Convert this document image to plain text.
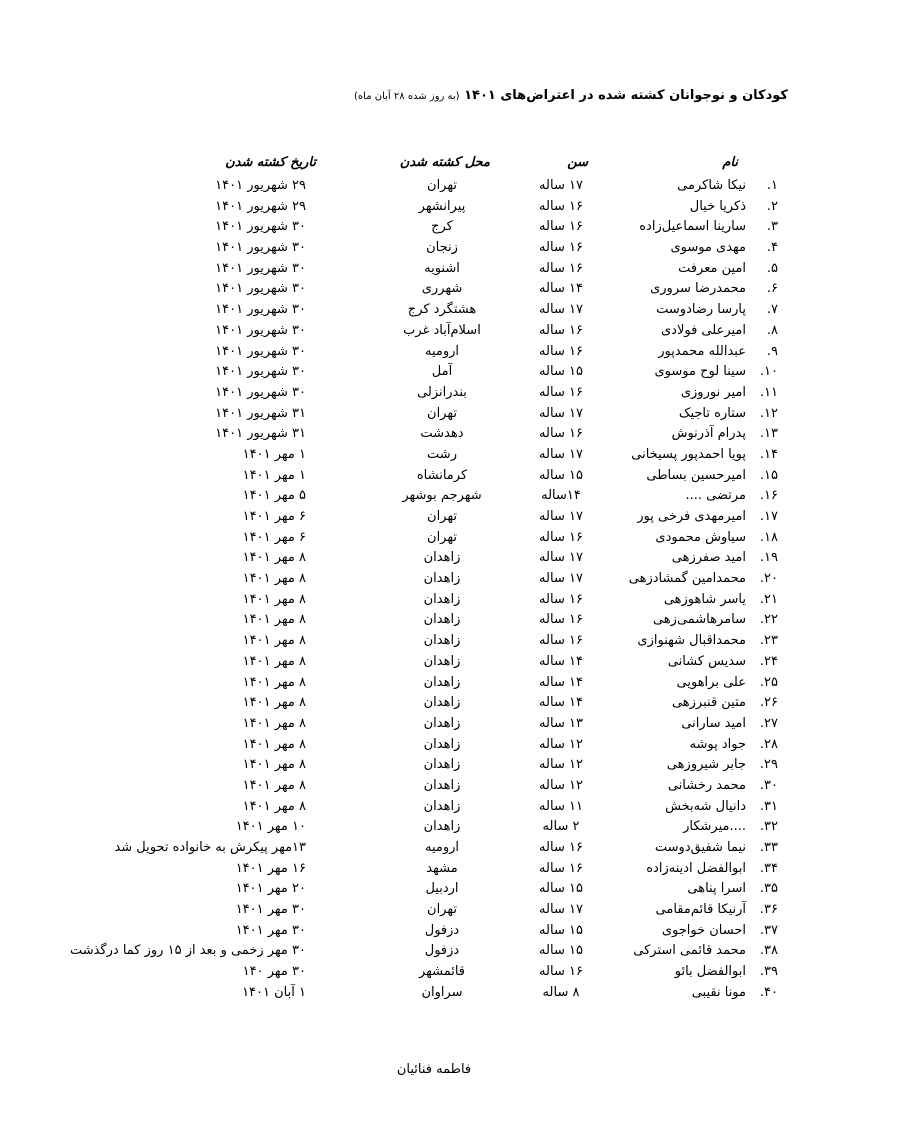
کودکان و نوجوانان کشته شده در اعتراض‌های ۱۴۰۱ (به روز شده ۲۸ آبان ماه)
نام
سن
محل کشته شدن
تاریخ کشته شدن
۱.
نیکا شاکرمی
۱۷ ساله
تهران
۲۹ شهریور ۱۴۰۱
۲.
ذکریا خیال
۱۶ ساله
پیرانشهر
۲۹ شهریور ۱۴۰۱
۳.
سارینا اسماعیل‌زاده
۱۶ ساله
کرج
۳۰ شهریور ۱۴۰۱
۴.
مهدی موسوی
۱۶ ساله
زنجان
۳۰ شهریور ۱۴۰۱
۵.
امین معرفت
۱۶ ساله
اشنویه
۳۰ شهریور ۱۴۰۱
۶.
محمدرضا سروری
۱۴ ساله
شهرری
۳۰ شهریور ۱۴۰۱
۷.
پارسا رضادوست
۱۷ ساله
هشتگرد کرج
۳۰ شهریور ۱۴۰۱
۸.
امیرعلی فولادی
۱۶ ساله
اسلام‌آباد غرب
۳۰ شهریور ۱۴۰۱
۹.
عبدالله محمدپور
۱۶ ساله
ارومیه
۳۰ شهریور ۱۴۰۱
۱۰.
سینا لوح موسوی
۱۵ ساله
آمل
۳۰ شهریور ۱۴۰۱
۱۱.
امیر نوروزی
۱۶ ساله
بندرانزلی
۳۰ شهریور ۱۴۰۱
۱۲.
ستاره تاجیک
۱۷ ساله
تهران
۳۱ شهریور ۱۴۰۱
۱۳.
پدرام آذرنوش
۱۶ ساله
دهدشت
۳۱ شهریور ۱۴۰۱
۱۴.
پویا احمدپور پسیخانی
۱۷ ساله
رشت
۱ مهر ۱۴۰۱
۱۵.
امیرحسین بساطی
۱۵ ساله
کرمانشاه
۱ مهر ۱۴۰۱
۱۶.
مرتضی ....
۱۴ساله
شهرجم بوشهر
۵ مهر ۱۴۰۱
۱۷.
امیرمهدی فرخی پور
۱۷ ساله
تهران
۶ مهر ۱۴۰۱
۱۸.
سیاوش محمودی
۱۶ ساله
تهران
۶ مهر ۱۴۰۱
۱۹.
امید صفرزهی
۱۷ ساله
زاهدان
۸ مهر ۱۴۰۱
۲۰.
محمدامین گمشادزهی
۱۷ ساله
زاهدان
۸ مهر ۱۴۰۱
۲۱.
یاسر شاهوزهی
۱۶ ساله
زاهدان
۸ مهر ۱۴۰۱
۲۲.
سامرهاشمی‌زهی
۱۶ ساله
زاهدان
۸ مهر ۱۴۰۱
۲۳.
محمداقبال شهنوازی
۱۶ ساله
زاهدان
۸ مهر ۱۴۰۱
۲۴.
سدیس کشانی
۱۴ ساله
زاهدان
۸ مهر ۱۴۰۱
۲۵.
علی براهویی
۱۴ ساله
زاهدان
۸ مهر ۱۴۰۱
۲۶.
متین قنبرزهی
۱۴ ساله
زاهدان
۸ مهر ۱۴۰۱
۲۷.
امید سارانی
۱۳ ساله
زاهدان
۸ مهر ۱۴۰۱
۲۸.
جواد پوشه
۱۲ ساله
زاهدان
۸ مهر ۱۴۰۱
۲۹.
جابر شیروزهی
۱۲ ساله
زاهدان
۸ مهر ۱۴۰۱
۳۰.
محمد رخشانی
۱۲ ساله
زاهدان
۸ مهر ۱۴۰۱
۳۱.
دانیال شه‌بخش
۱۱ ساله
زاهدان
۸ مهر ۱۴۰۱
۳۲.
....میرشکار
۲ ساله
زاهدان
۱۰ مهر ۱۴۰۱
۳۳.
نیما شفیق‌دوست
۱۶ ساله
ارومیه
۱۳مهر پیکرش به خانواده تحویل شد
۳۴.
ابوالفضل ادینه‌زاده
۱۶ ساله
مشهد
۱۶ مهر ۱۴۰۱
۳۵.
اسرا پناهی
۱۵ ساله
اردبیل
۲۰ مهر ۱۴۰۱
۳۶.
آرنیکا قائم‌مقامی
۱۷ ساله
تهران
۳۰ مهر ۱۴۰۱
۳۷.
احسان خواجوی
۱۵ ساله
دزفول
۳۰ مهر ۱۴۰۱
۳۸.
محمد قائمی استرکی
۱۵ ساله
دزفول
۳۰ مهر زخمی و بعد از ۱۵ روز کما درگذشت
۳۹.
ابوالفضل بائو
۱۶ ساله
قائمشهر
۳۰ مهر ۱۴۰
۴۰.
مونا نقیبی
۸ ساله
سراوان
۱ آبان ۱۴۰۱
فاطمه فنائیان
